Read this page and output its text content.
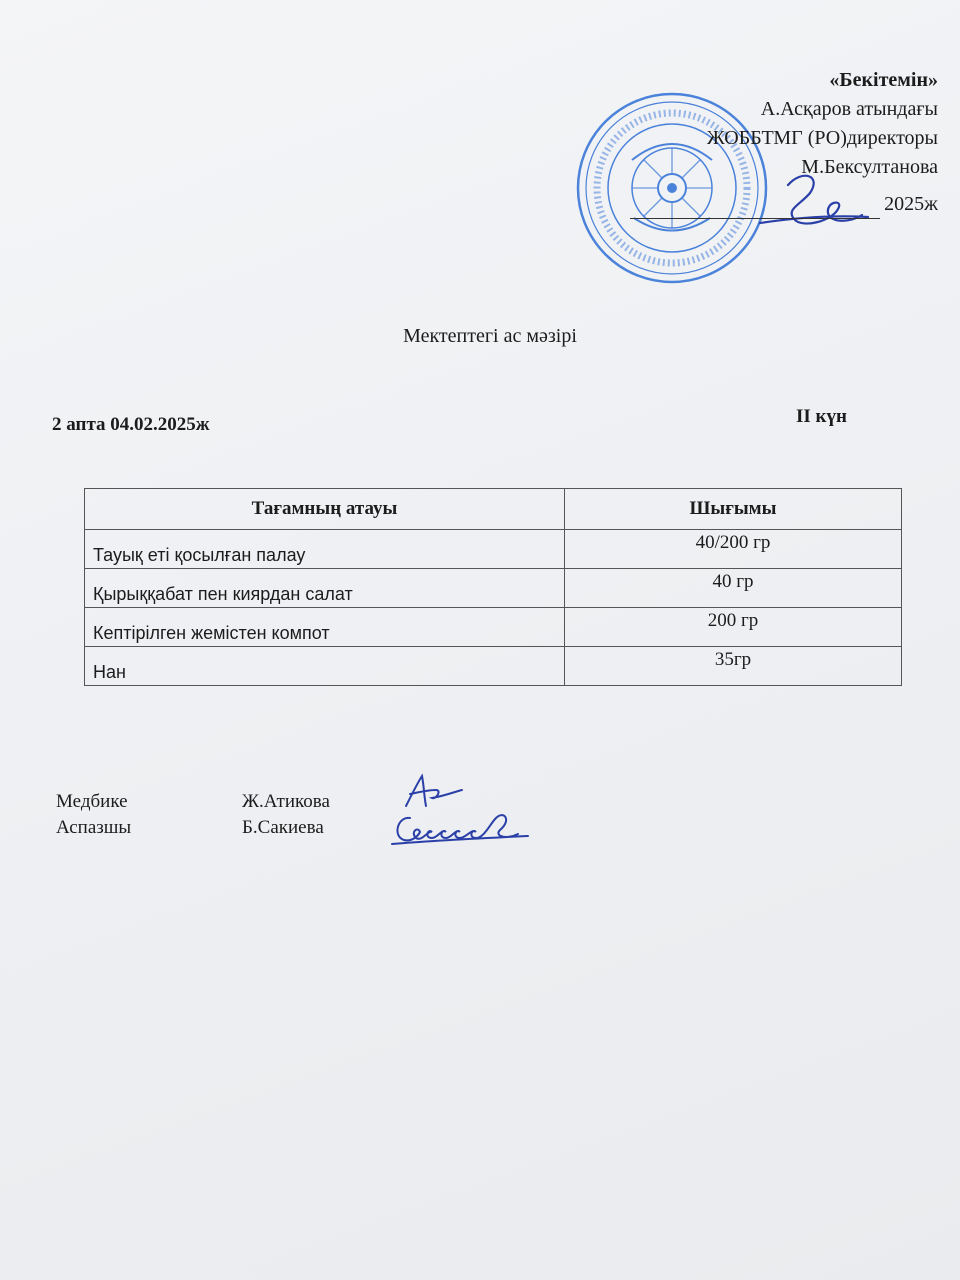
«Бекітемін»
А.Асқаров атындағы
ЖОББТМГ (РО)директоры
М.Бексултанова
2025ж
Мектептегі ас мәзірі
2 апта 04.02.2025ж	II күн
Тағамның атауы	Шығымы
Тауық еті қосылған палау	40/200 гр
Қырыққабат пен киярдан салат	40 гр
Кептірілген жемістен компот	200 гр
Нан	35гр
Медбике	Ж.Атикова
Аспазшы	Б.Сакиева
